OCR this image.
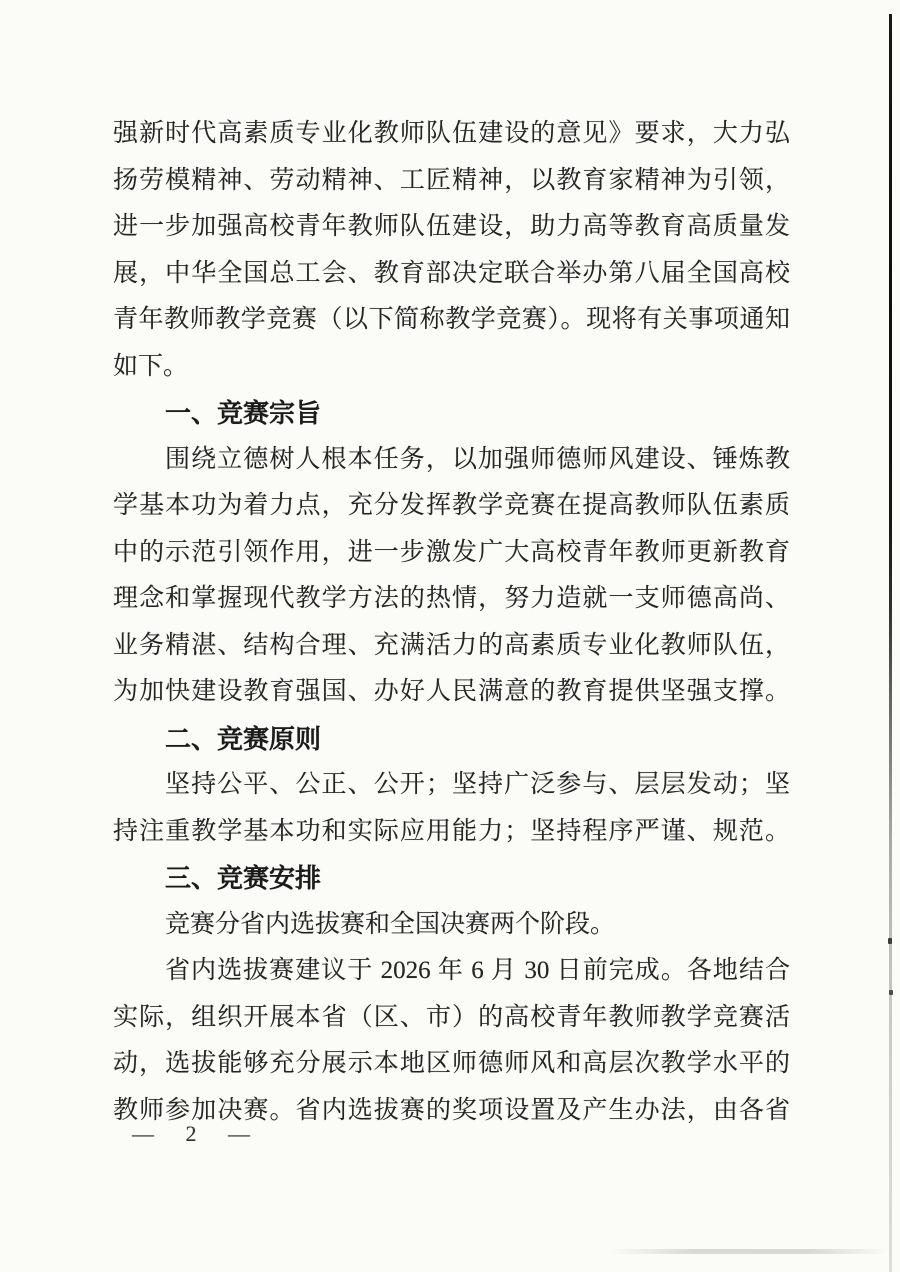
强新时代高素质专业化教师队伍建设的意见》要求，大力弘
扬劳模精神、劳动精神、工匠精神，以教育家精神为引领，
进一步加强高校青年教师队伍建设，助力高等教育高质量发
展，中华全国总工会、教育部决定联合举办第八届全国高校
青年教师教学竞赛（以下简称教学竞赛）。现将有关事项通知
如下。
一、竞赛宗旨
围绕立德树人根本任务，以加强师德师风建设、锤炼教
学基本功为着力点，充分发挥教学竞赛在提高教师队伍素质
中的示范引领作用，进一步激发广大高校青年教师更新教育
理念和掌握现代教学方法的热情，努力造就一支师德高尚、
业务精湛、结构合理、充满活力的高素质专业化教师队伍，
为加快建设教育强国、办好人民满意的教育提供坚强支撑。
二、竞赛原则
坚持公平、公正、公开；坚持广泛参与、层层发动；坚
持注重教学基本功和实际应用能力；坚持程序严谨、规范。
三、竞赛安排
竞赛分省内选拔赛和全国决赛两个阶段。
省内选拔赛建议于 2026 年 6 月 30 日前完成。各地结合
实际，组织开展本省（区、市）的高校青年教师教学竞赛活
动，选拔能够充分展示本地区师德师风和高层次教学水平的
教师参加决赛。省内选拔赛的奖项设置及产生办法，由各省
— 2 —
